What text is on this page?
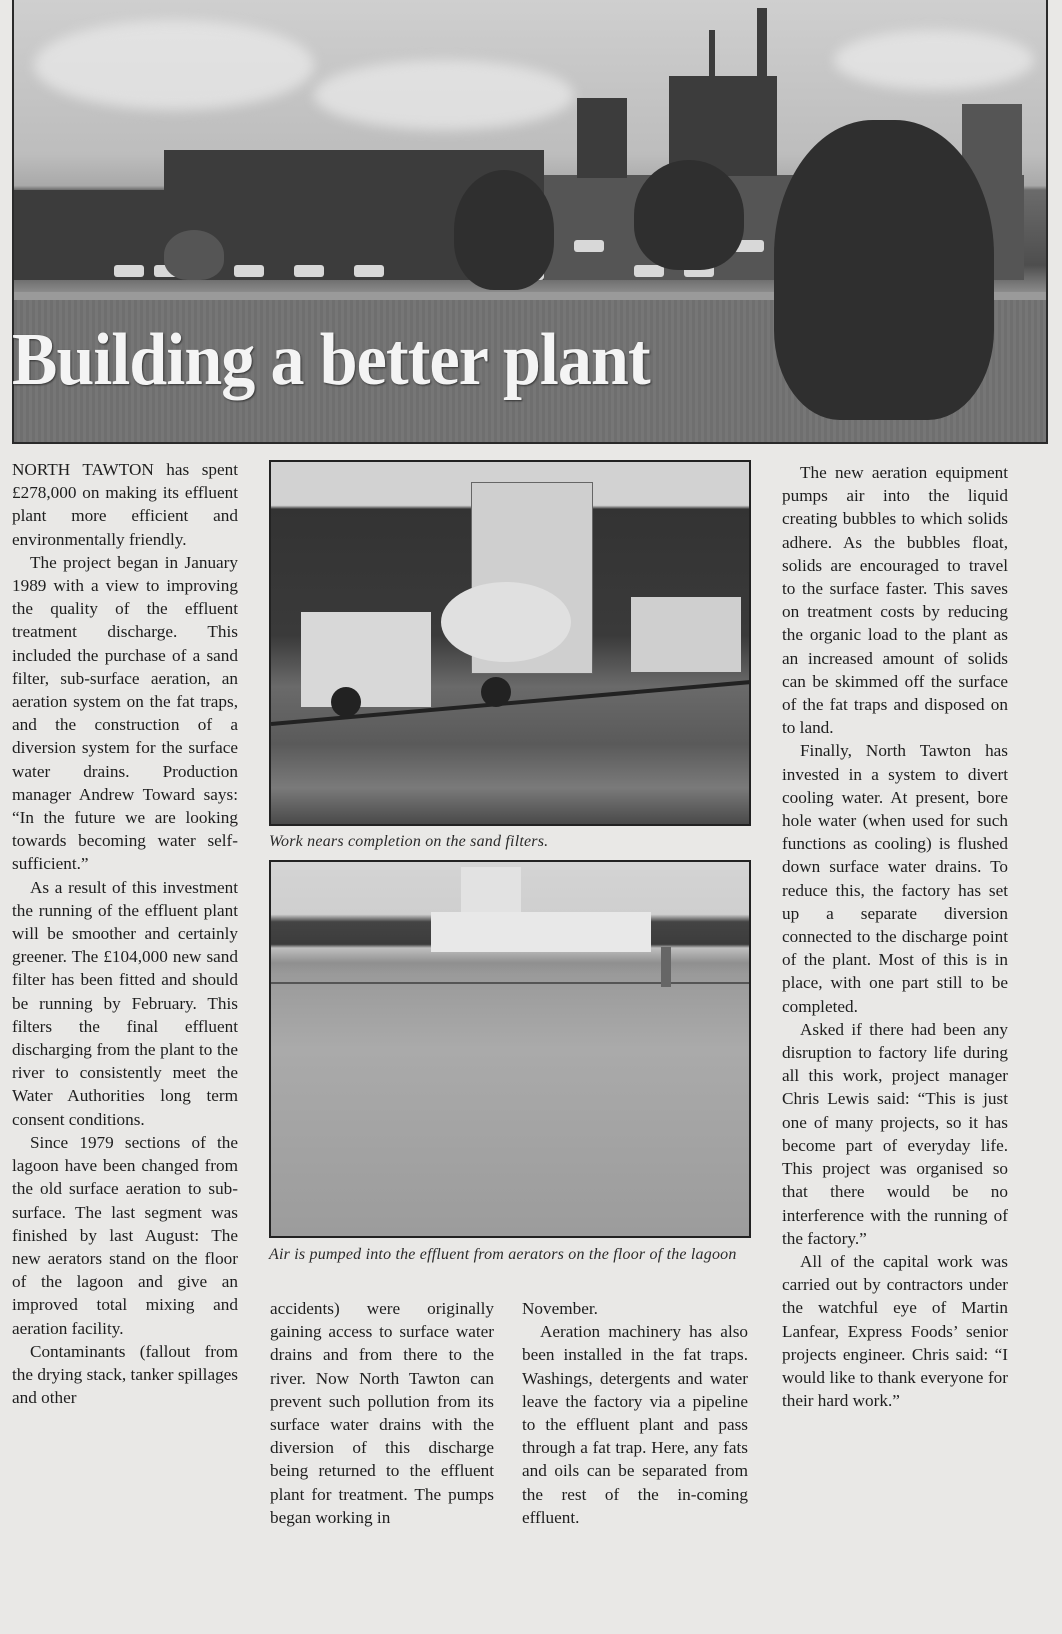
Building a better plant

NORTH TAWTON has spent £278,000 on making its effluent plant more efficient and environmentally friendly.

The project began in January 1989 with a view to improving the quality of the effluent treatment discharge. This included the purchase of a sand filter, sub-surface aeration, an aeration system on the fat traps, and the construction of a diversion system for the surface water drains. Production manager Andrew Toward says: “In the future we are looking towards becoming water self-sufficient.”

As a result of this investment the running of the effluent plant will be smoother and certainly greener. The £104,000 new sand filter has been fitted and should be running by February. This filters the final effluent discharging from the plant to the river to consistently meet the Water Authorities long term consent conditions.

Since 1979 sections of the lagoon have been changed from the old surface aeration to sub-surface. The last segment was finished by last August: The new aerators stand on the floor of the lagoon and give an improved total mixing and aeration facility.

Contaminants (fallout from the drying stack, tanker spillages and other

Work nears completion on the sand filters.
Air is pumped into the effluent from aerators on the floor of the lagoon

accidents) were originally gaining access to surface water drains and from there to the river. Now North Tawton can prevent such pollution from its surface water drains with the diversion of this discharge being returned to the effluent plant for treatment. The pumps began working in

November.

Aeration machinery has also been installed in the fat traps. Washings, detergents and water leave the factory via a pipeline to the effluent plant and pass through a fat trap. Here, any fats and oils can be separated from the rest of the in-coming effluent.

The new aeration equipment pumps air into the liquid creating bubbles to which solids adhere. As the bubbles float, solids are encouraged to travel to the surface faster. This saves on treatment costs by reducing the organic load to the plant as an increased amount of solids can be skimmed off the surface of the fat traps and disposed on to land.

Finally, North Tawton has invested in a system to divert cooling water. At present, bore hole water (when used for such functions as cooling) is flushed down surface water drains. To reduce this, the factory has set up a separate diversion connected to the discharge point of the plant. Most of this is in place, with one part still to be completed.

Asked if there had been any disruption to factory life during all this work, project manager Chris Lewis said: “This is just one of many projects, so it has become part of everyday life. This project was organised so that there would be no interference with the running of the factory.”

All of the capital work was carried out by contractors under the watchful eye of Martin Lanfear, Express Foods’ senior projects engineer. Chris said: “I would like to thank everyone for their hard work.”
